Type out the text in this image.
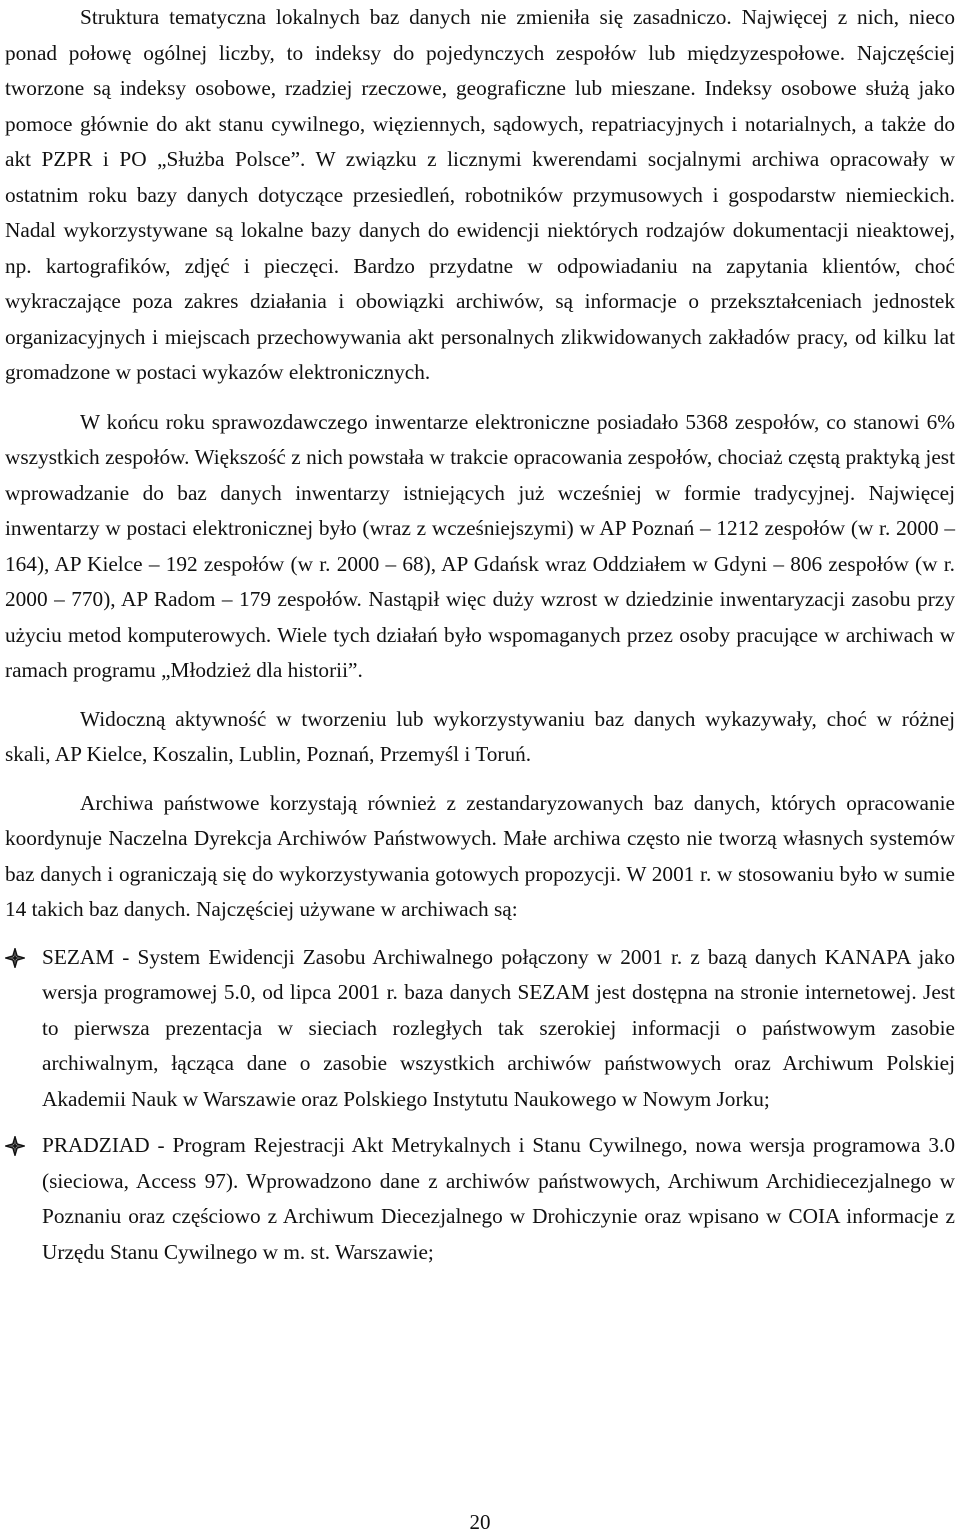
Struktura tematyczna lokalnych baz danych nie zmieniła się zasadniczo. Najwięcej z nich, nieco ponad połowę ogólnej liczby, to indeksy do pojedynczych zespołów lub międzyzespołowe. Najczęściej tworzone są indeksy osobowe, rzadziej rzeczowe, geograficzne lub mieszane. Indeksy osobowe służą jako pomoce głównie do akt stanu cywilnego, więziennych, sądowych, repatriacyjnych i notarialnych, a także do akt PZPR i PO „Służba Polsce”. W związku z licznymi kwerendami socjalnymi archiwa opracowały w ostatnim roku bazy danych dotyczące przesiedleń, robotników przymusowych i gospodarstw niemieckich. Nadal wykorzystywane są lokalne bazy danych do ewidencji niektórych rodzajów dokumentacji nieaktowej, np. kartografików, zdjęć i pieczęci. Bardzo przydatne w odpowiadaniu na zapytania klientów, choć wykraczające poza zakres działania i obowiązki archiwów, są informacje o przekształceniach jednostek organizacyjnych i miejscach przechowywania akt personalnych zlikwidowanych zakładów pracy, od kilku lat gromadzone w postaci wykazów elektronicznych.

W końcu roku sprawozdawczego inwentarze elektroniczne posiadało 5368 zespołów, co stanowi 6% wszystkich zespołów. Większość z nich powstała w trakcie opracowania zespołów, chociaż częstą praktyką jest wprowadzanie do baz danych inwentarzy istniejących już wcześniej w formie tradycyjnej. Najwięcej inwentarzy w postaci elektronicznej było (wraz z wcześniejszymi) w AP Poznań – 1212 zespołów (w r. 2000 – 164), AP Kielce – 192 zespołów (w r. 2000 – 68), AP Gdańsk wraz Oddziałem w Gdyni – 806 zespołów (w r. 2000 – 770), AP Radom – 179 zespołów. Nastąpił więc duży wzrost w dziedzinie inwentaryzacji zasobu przy użyciu metod komputerowych. Wiele tych działań było wspomaganych przez osoby pracujące w archiwach w ramach programu „Młodzież dla historii”.

Widoczną aktywność w tworzeniu lub wykorzystywaniu baz danych wykazywały, choć w różnej skali, AP Kielce, Koszalin, Lublin, Poznań, Przemyśl i Toruń.

Archiwa państwowe korzystają również z zestandaryzowanych baz danych, których opracowanie koordynuje Naczelna Dyrekcja Archiwów Państwowych. Małe archiwa często nie tworzą własnych systemów baz danych i ograniczają się do wykorzystywania gotowych propozycji. W 2001 r. w stosowaniu było w sumie 14 takich baz danych. Najczęściej używane w archiwach są:

SEZAM - System Ewidencji Zasobu Archiwalnego połączony w 2001 r. z bazą danych KANAPA jako wersja programowej 5.0, od lipca 2001 r. baza danych SEZAM jest dostępna na stronie internetowej. Jest to pierwsza prezentacja w sieciach rozległych tak szerokiej informacji o państwowym zasobie archiwalnym, łącząca dane o zasobie wszystkich archiwów państwowych oraz Archiwum Polskiej Akademii Nauk w Warszawie oraz Polskiego Instytutu Naukowego w Nowym Jorku;
PRADZIAD - Program Rejestracji Akt Metrykalnych i Stanu Cywilnego, nowa wersja programowa 3.0 (sieciowa, Access 97). Wprowadzono dane z archiwów państwowych, Archiwum Archidiecezjalnego w Poznaniu oraz częściowo z Archiwum Diecezjalnego w Drohiczynie oraz wpisano w COIA informacje z Urzędu Stanu Cywilnego w m. st. Warszawie;
20
